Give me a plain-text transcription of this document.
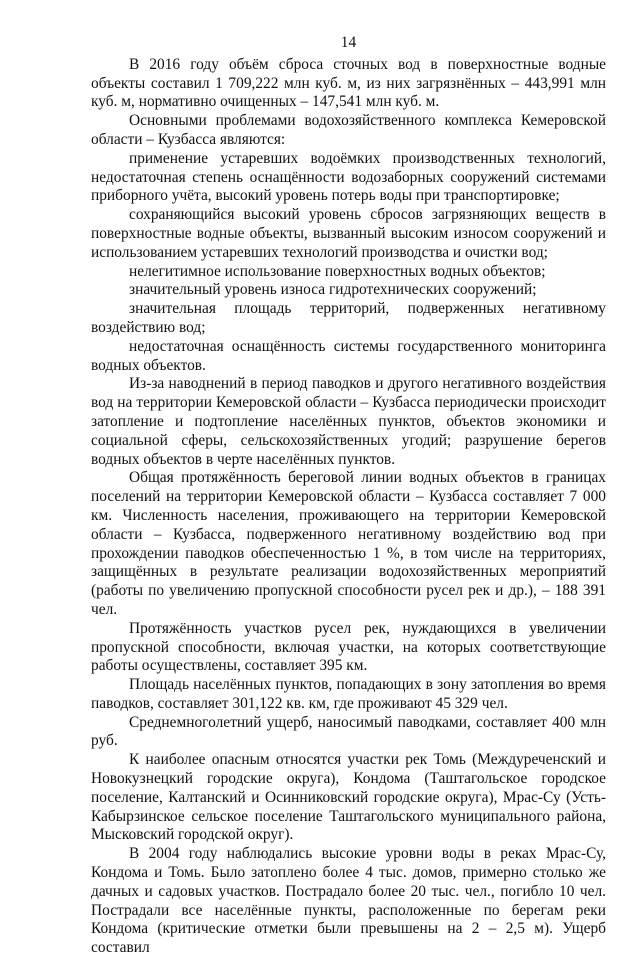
14

В 2016 году объём сброса сточных вод в поверхностные водные объекты составил 1 709,222 млн куб. м, из них загрязнённых – 443,991 млн куб. м, нормативно очищенных – 147,541 млн куб. м.

Основными проблемами водохозяйственного комплекса Кемеровской области – Кузбасса являются:

применение устаревших водоёмких производственных технологий, недостаточная степень оснащённости водозаборных сооружений системами приборного учёта, высокий уровень потерь воды при транспортировке;

сохраняющийся высокий уровень сбросов загрязняющих веществ в поверхностные водные объекты, вызванный высоким износом сооружений и использованием устаревших технологий производства и очистки вод;

нелегитимное использование поверхностных водных объектов;

значительный уровень износа гидротехнических сооружений;

значительная площадь территорий, подверженных негативному воздействию вод;

недостаточная оснащённость системы государственного мониторинга водных объектов.

Из-за наводнений в период паводков и другого негативного воздействия вод на территории Кемеровской области – Кузбасса периодически происходит затопление и подтопление населённых пунктов, объектов экономики и социальной сферы, сельскохозяйственных угодий; разрушение берегов водных объектов в черте населённых пунктов.

Общая протяжённость береговой линии водных объектов в границах поселений на территории Кемеровской области – Кузбасса составляет 7 000 км. Численность населения, проживающего на территории Кемеровской области – Кузбасса, подверженного негативному воздействию вод при прохождении паводков обеспеченностью 1 %, в том числе на территориях, защищённых в результате реализации водохозяйственных мероприятий (работы по увеличению пропускной способности русел рек и др.), – 188 391 чел.

Протяжённость участков русел рек, нуждающихся в увеличении пропускной способности, включая участки, на которых соответствующие работы осуществлены, составляет 395 км.

Площадь населённых пунктов, попадающих в зону затопления во время паводков, составляет 301,122 кв. км, где проживают 45 329 чел.

Среднемноголетний ущерб, наносимый паводками, составляет 400 млн руб.

К наиболее опасным относятся участки рек Томь (Междуреченский и Новокузнецкий городские округа), Кондома (Таштагольское городское поселение, Калтанский и Осинниковский городские округа), Мрас-Су (Усть-Кабырзинское сельское поселение Таштагольского муниципального района, Мысковский городской округ).

В 2004 году наблюдались высокие уровни воды в реках Мрас-Су, Кондома и Томь. Было затоплено более 4 тыс. домов, примерно столько же дачных и садовых участков. Пострадало более 20 тыс. чел., погибло 10 чел. Пострадали все населённые пункты, расположенные по берегам реки Кондома (критические отметки были превышены на 2 – 2,5 м). Ущерб составил
